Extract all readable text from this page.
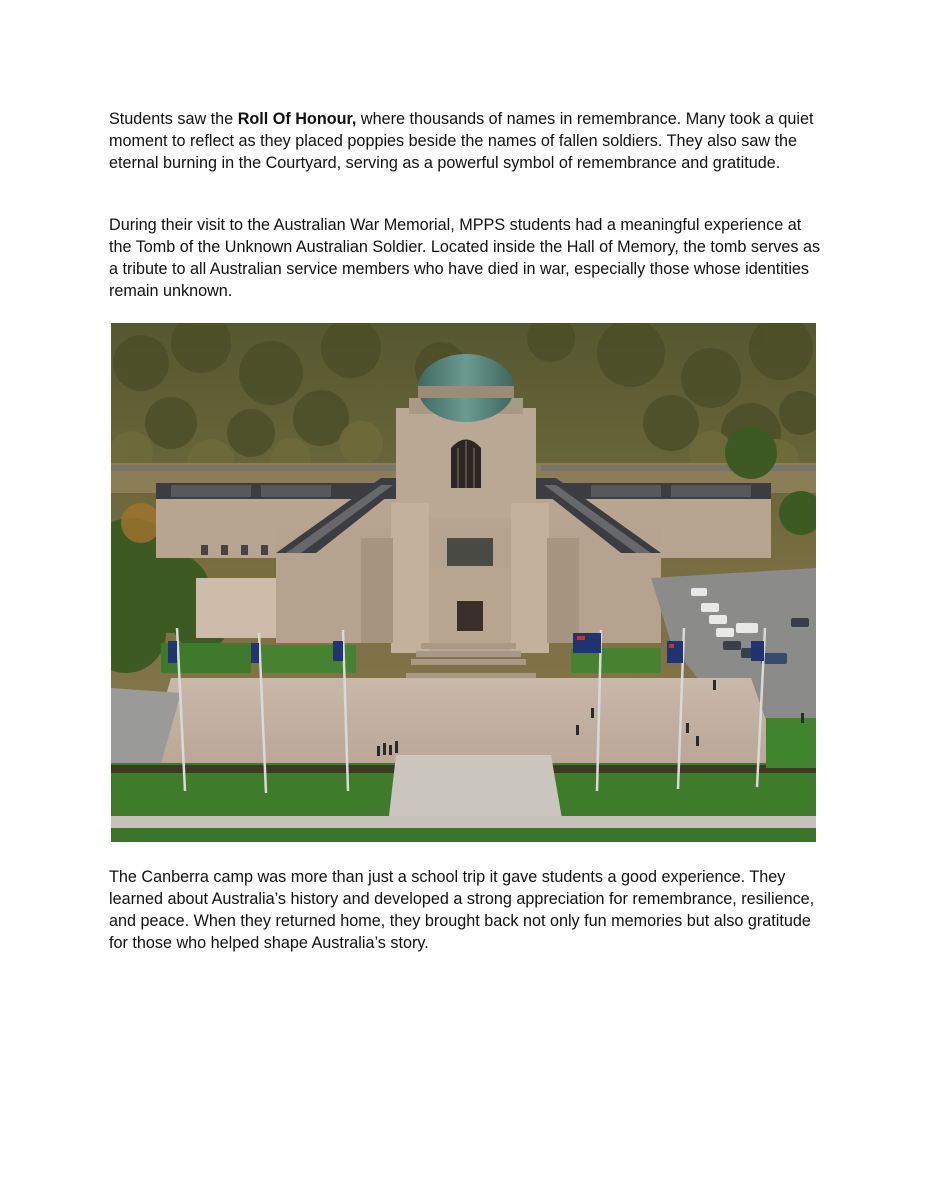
Students saw the Roll Of Honour, where thousands of names in remembrance. Many took a quiet moment to reflect as they placed poppies beside the names of fallen soldiers. They also saw the eternal burning in the Courtyard, serving as a powerful symbol of remembrance and gratitude.

During their visit to the Australian War Memorial, MPPS students had a meaningful experience at the Tomb of the Unknown Australian Soldier. Located inside the Hall of Memory, the tomb serves as a tribute to all Australian service members who have died in war, especially those whose identities remain unknown.

The Canberra camp was more than just a school trip it gave students a good experience. They learned about Australia’s history and developed a strong appreciation for remembrance, resilience, and peace. When they returned home, they brought back not only fun memories but also gratitude for those who helped shape Australia’s story.
